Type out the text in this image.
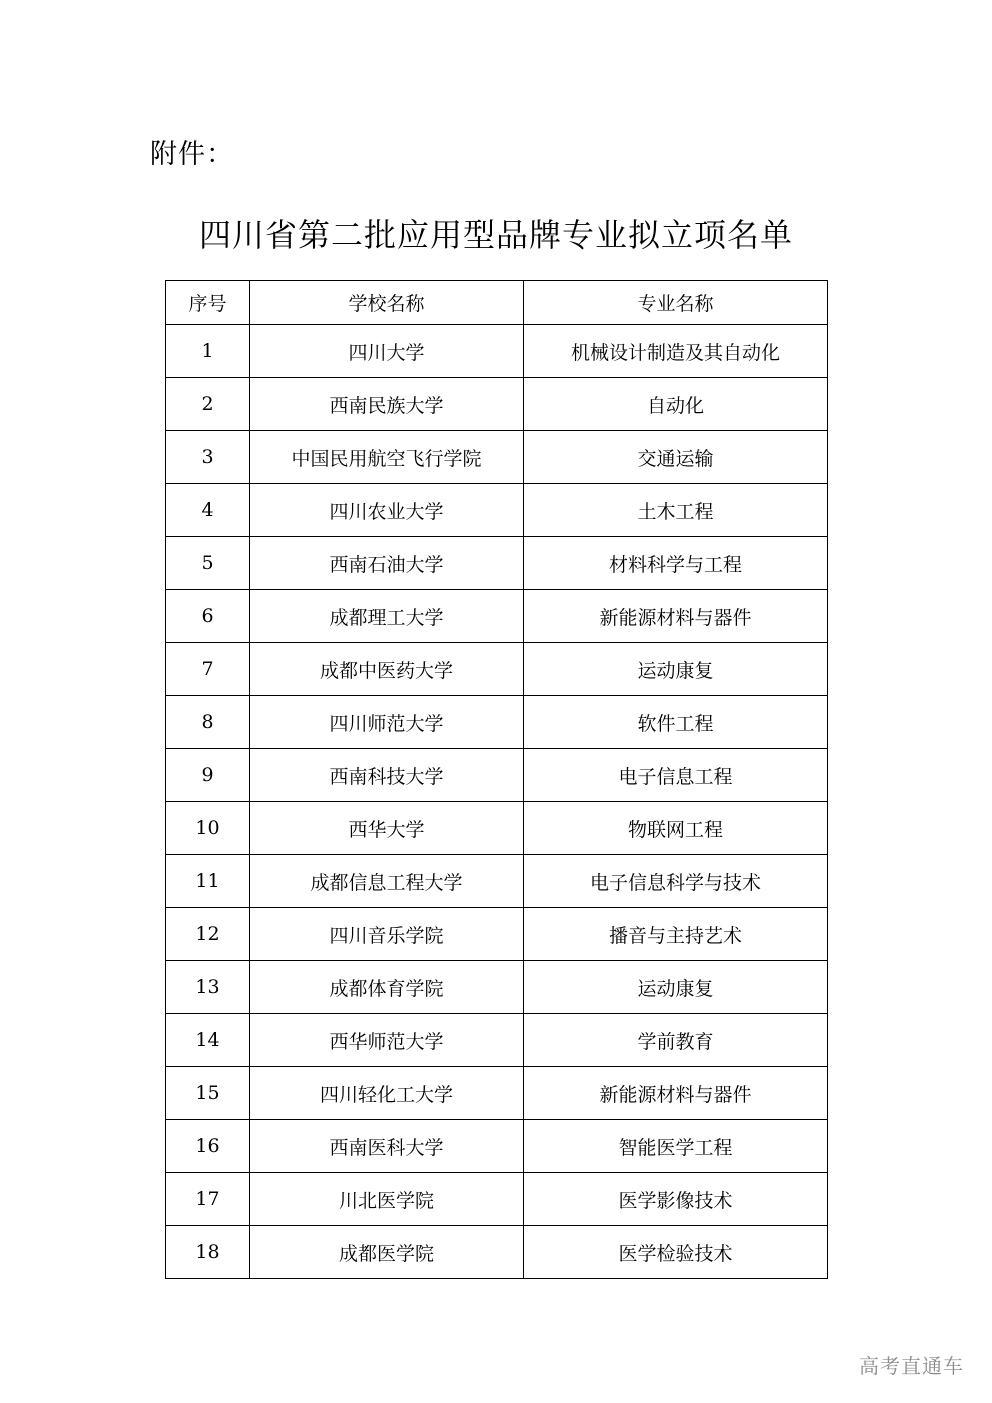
附件：
四川省第二批应用型品牌专业拟立项名单
序号	学校名称	专业名称
1	四川大学	机械设计制造及其自动化
2	西南民族大学	自动化
3	中国民用航空飞行学院	交通运输
4	四川农业大学	土木工程
5	西南石油大学	材料科学与工程
6	成都理工大学	新能源材料与器件
7	成都中医药大学	运动康复
8	四川师范大学	软件工程
9	西南科技大学	电子信息工程
10	西华大学	物联网工程
11	成都信息工程大学	电子信息科学与技术
12	四川音乐学院	播音与主持艺术
13	成都体育学院	运动康复
14	西华师范大学	学前教育
15	四川轻化工大学	新能源材料与器件
16	西南医科大学	智能医学工程
17	川北医学院	医学影像技术
18	成都医学院	医学检验技术
高考直通车
